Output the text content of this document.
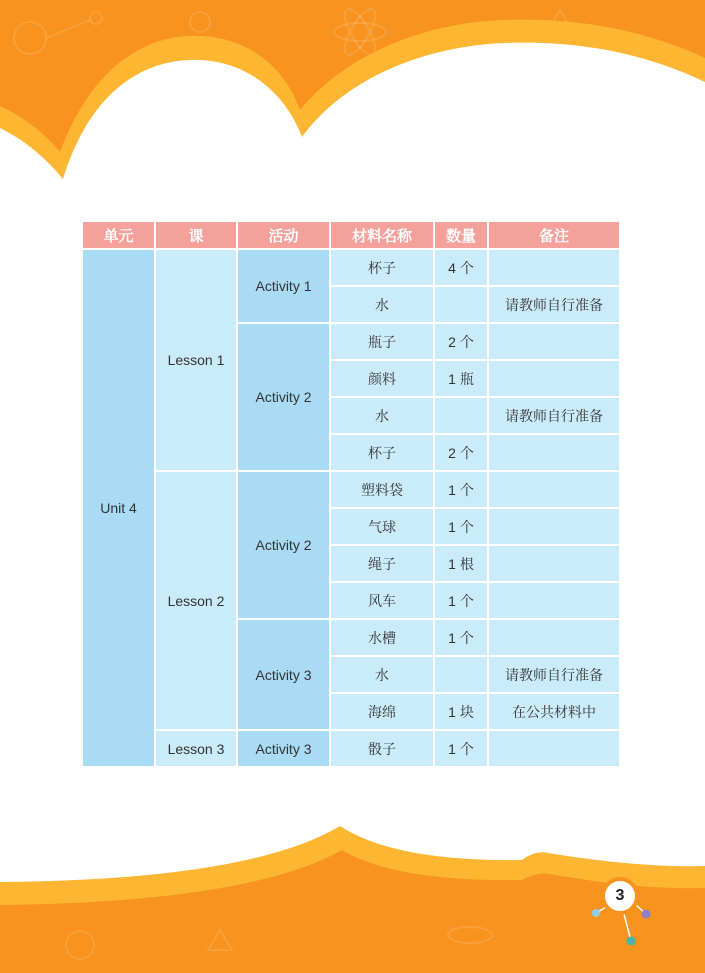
单元	课	活动	材料名称	数量	备注
Unit 4	Lesson 1	Activity 1	杯子	4 个	
			水		请教师自行准备
		Activity 2	瓶子	2 个	
			颜料	1 瓶	
			水		请教师自行准备
			杯子	2 个	
	Lesson 2	Activity 2	塑料袋	1 个	
			气球	1 个	
			绳子	1 根	
			风车	1 个	
		Activity 3	水槽	1 个	
			水		请教师自行准备
			海绵	1 块	在公共材料中
	Lesson 3	Activity 3	骰子	1 个	
3
